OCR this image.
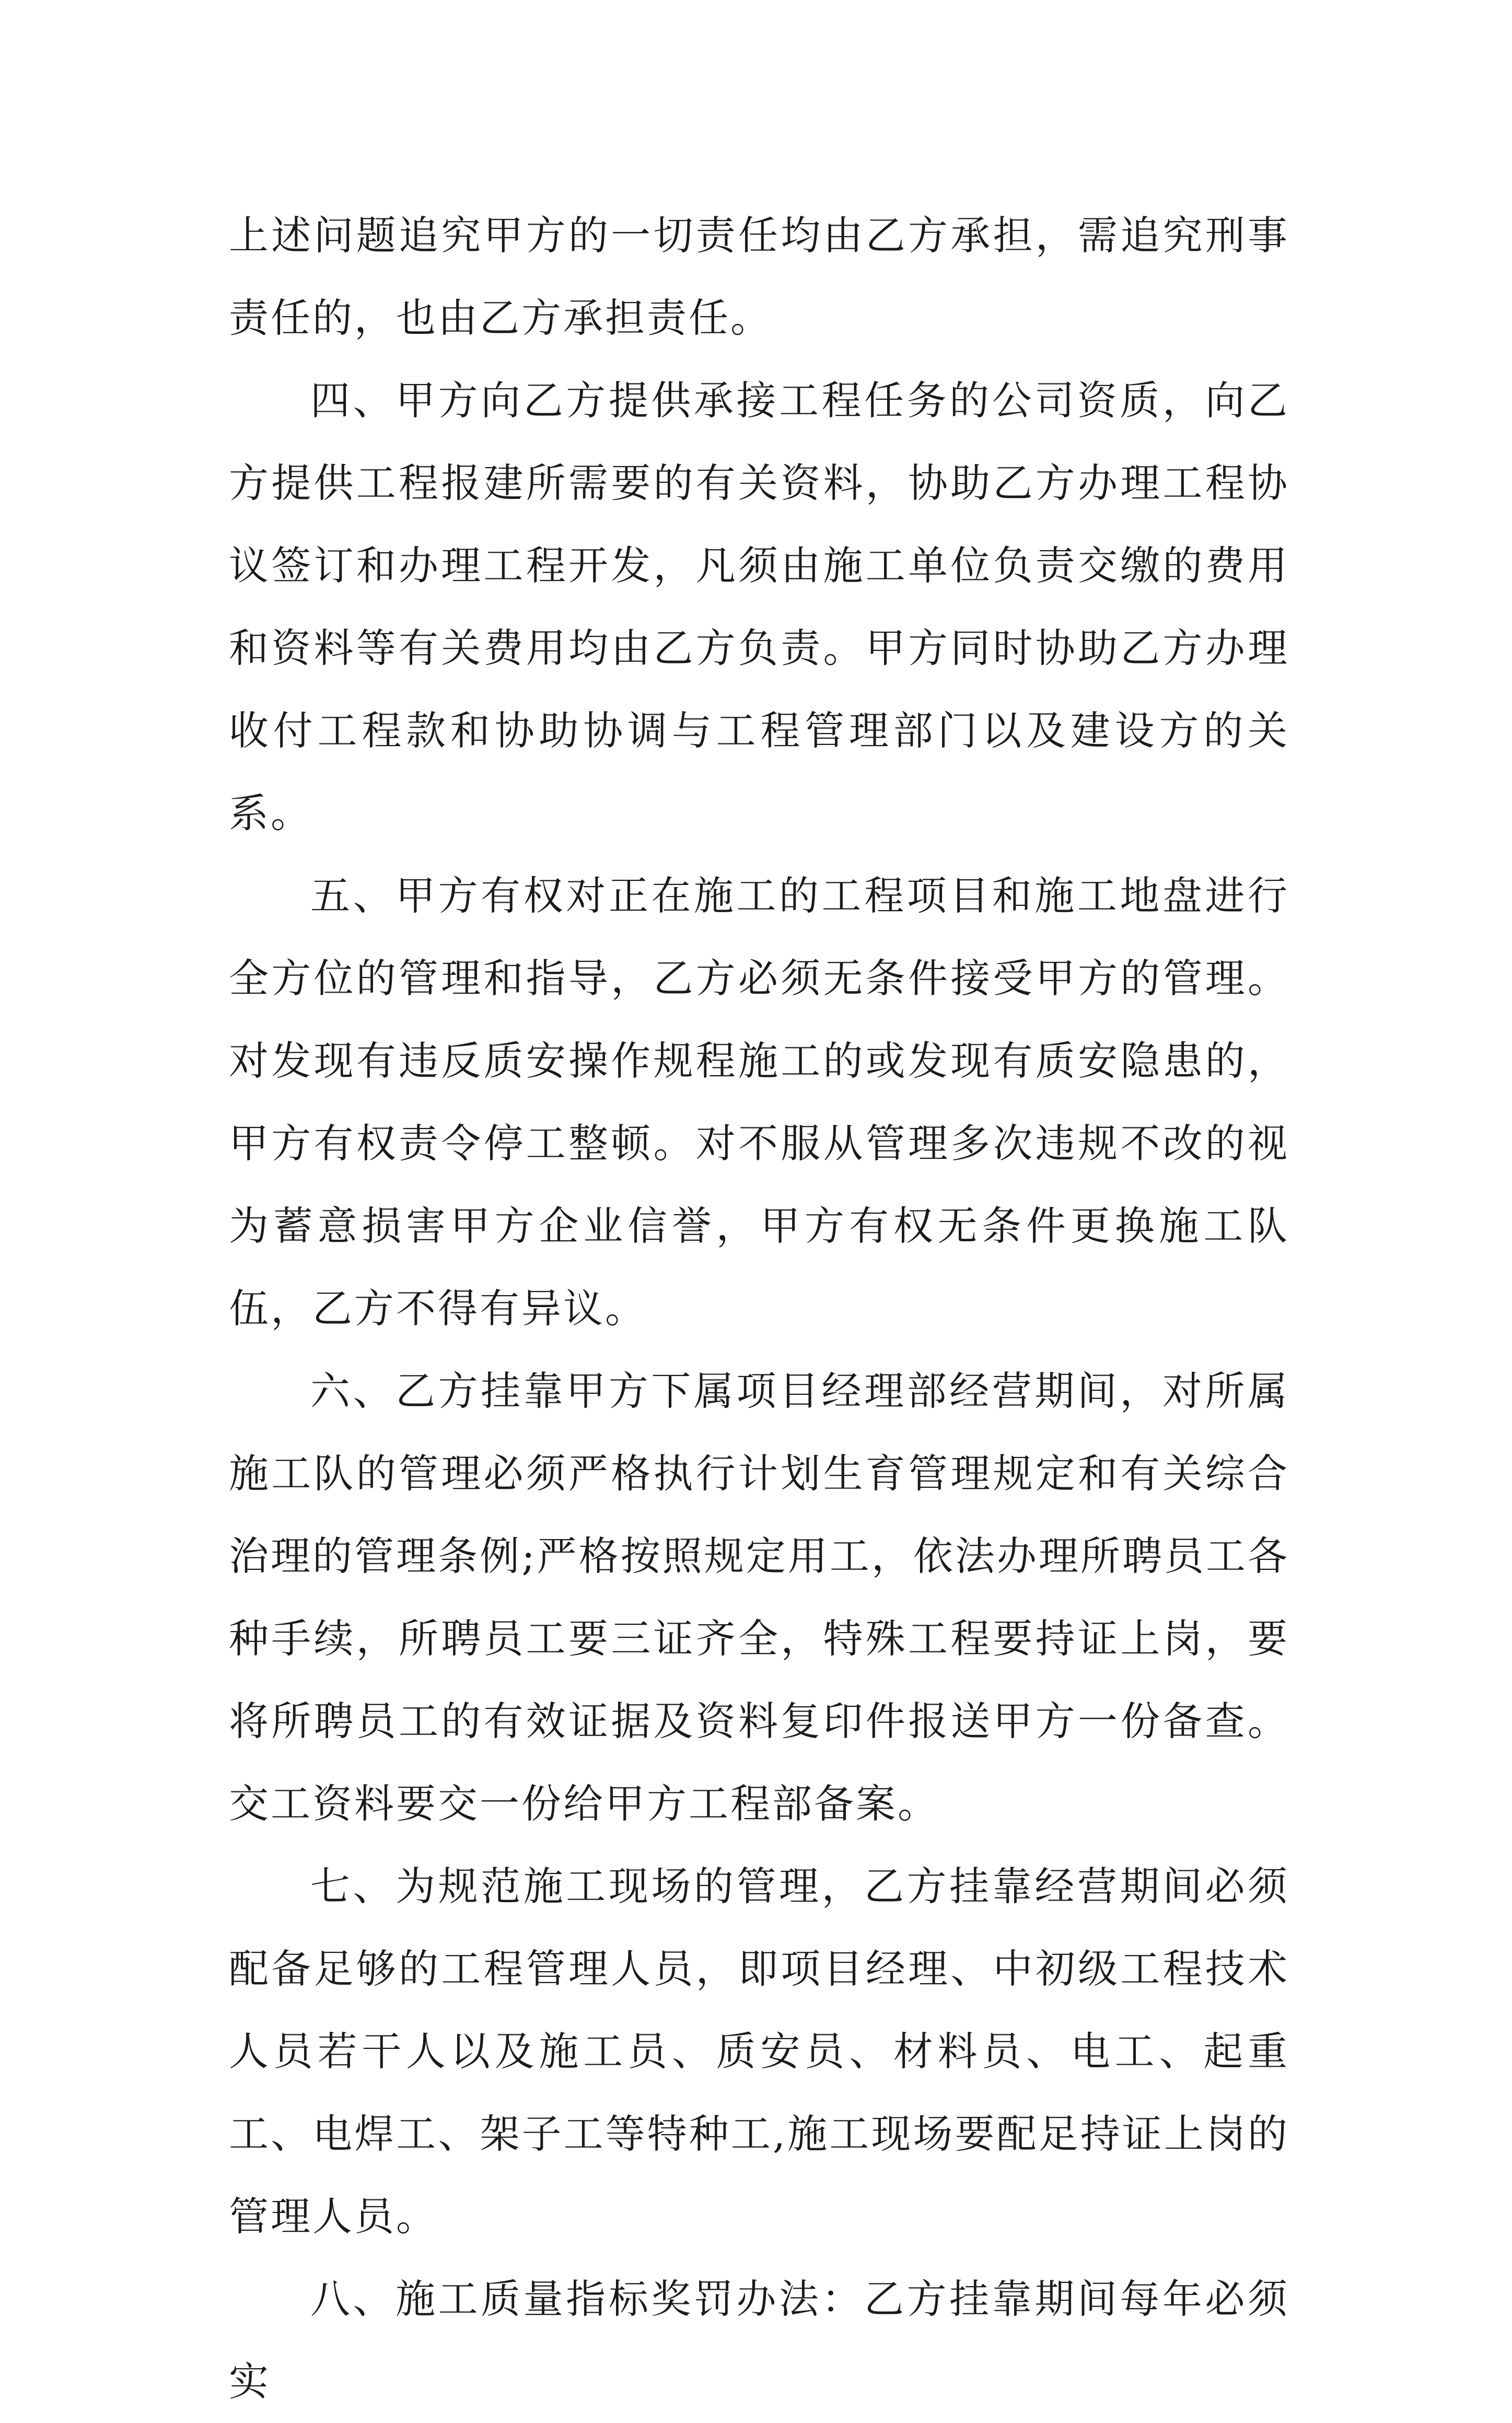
上述问题追究甲方的一切责任均由乙方承担，需追究刑事责任的，也由乙方承担责任。

四、甲方向乙方提供承接工程任务的公司资质，向乙方提供工程报建所需要的有关资料，协助乙方办理工程协议签订和办理工程开发，凡须由施工单位负责交缴的费用和资料等有关费用均由乙方负责。甲方同时协助乙方办理收付工程款和协助协调与工程管理部门以及建设方的关系。

五、甲方有权对正在施工的工程项目和施工地盘进行全方位的管理和指导，乙方必须无条件接受甲方的管理。对发现有违反质安操作规程施工的或发现有质安隐患的，甲方有权责令停工整顿。对不服从管理多次违规不改的视为蓄意损害甲方企业信誉，甲方有权无条件更换施工队伍，乙方不得有异议。

六、乙方挂靠甲方下属项目经理部经营期间，对所属施工队的管理必须严格执行计划生育管理规定和有关综合治理的管理条例;严格按照规定用工，依法办理所聘员工各种手续，所聘员工要三证齐全，特殊工程要持证上岗，要将所聘员工的有效证据及资料复印件报送甲方一份备查。交工资料要交一份给甲方工程部备案。

七、为规范施工现场的管理，乙方挂靠经营期间必须配备足够的工程管理人员，即项目经理、中初级工程技术人员若干人以及施工员、质安员、材料员、电工、起重工、电焊工、架子工等特种工,施工现场要配足持证上岗的管理人员。

八、施工质量指标奖罚办法：乙方挂靠期间每年必须实
